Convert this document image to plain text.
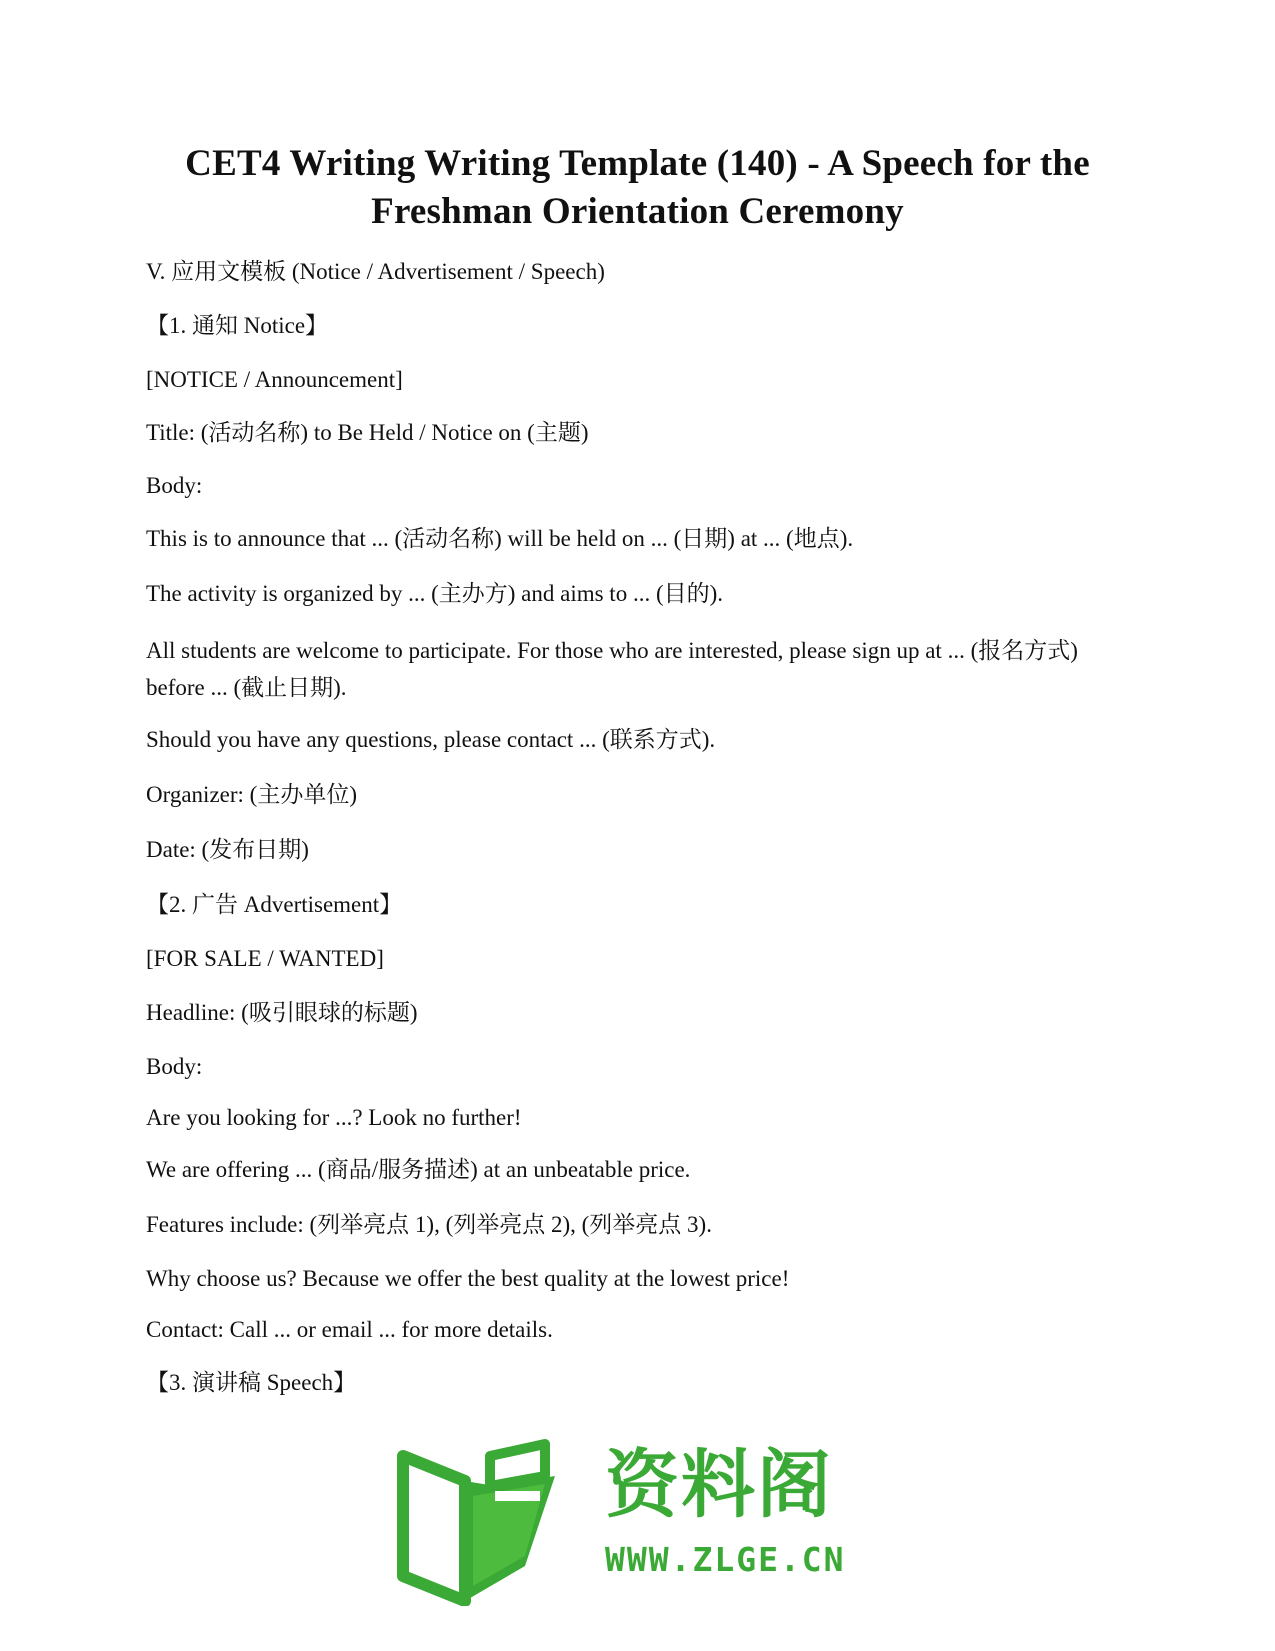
CET4 Writing Writing Template (140) - A Speech for the
Freshman Orientation Ceremony
V. 应用文模板 (Notice / Advertisement / Speech)
【1. 通知 Notice】
[NOTICE / Announcement]
Title: (活动名称) to Be Held / Notice on (主题)
Body:
This is to announce that ... (活动名称) will be held on ... (日期) at ... (地点).
The activity is organized by ... (主办方) and aims to ... (目的).
All students are welcome to participate. For those who are interested, please sign up at ... (报名方式) before ... (截止日期).
Should you have any questions, please contact ... (联系方式).
Organizer: (主办单位)
Date: (发布日期)
【2. 广告 Advertisement】
[FOR SALE / WANTED]
Headline: (吸引眼球的标题)
Body:
Are you looking for ...? Look no further!
We are offering ... (商品/服务描述) at an unbeatable price.
Features include: (列举亮点 1), (列举亮点 2), (列举亮点 3).
Why choose us? Because we offer the best quality at the lowest price!
Contact: Call ... or email ... for more details.
【3. 演讲稿 Speech】
资料阁
WWW.ZLGE.CN
